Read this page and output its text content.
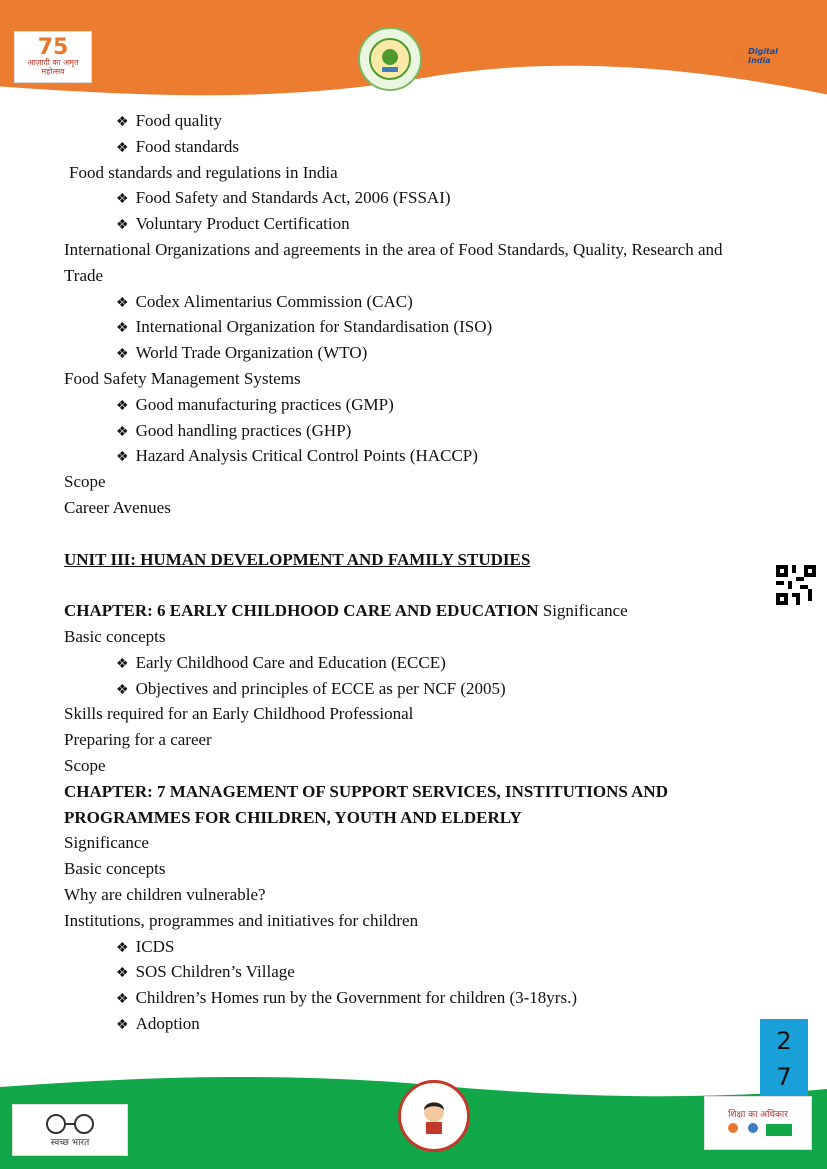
75
आज़ादी का अमृत महोत्सव
⊙ Digital India
❖ Food quality
❖ Food standards
Food standards and regulations in India
❖ Food Safety and Standards Act, 2006 (FSSAI)
❖ Voluntary Product Certification
International Organizations and agreements in the area of Food Standards, Quality, Research and Trade
❖ Codex Alimentarius Commission (CAC)
❖ International Organization for Standardisation (ISO)
❖ World Trade Organization (WTO)
Food Safety Management Systems
❖ Good manufacturing practices (GMP)
❖ Good handling practices (GHP)
❖ Hazard Analysis Critical Control Points (HACCP)
Scope
Career Avenues
UNIT III: HUMAN DEVELOPMENT AND FAMILY STUDIES
CHAPTER: 6 EARLY CHILDHOOD CARE AND EDUCATION Significance
Basic concepts
❖ Early Childhood Care and Education (ECCE)
❖ Objectives and principles of ECCE as per NCF (2005)
Skills required for an Early Childhood Professional
Preparing for a career
Scope
CHAPTER: 7 MANAGEMENT OF SUPPORT SERVICES, INSTITUTIONS AND PROGRAMMES FOR CHILDREN, YOUTH AND ELDERLY
Significance
Basic concepts
Why are children vulnerable?
Institutions, programmes and initiatives for children
❖ ICDS
❖ SOS Children’s Village
❖ Children’s Homes run by the Government for children (3-18yrs.)
❖ Adoption
2
7
स्वच्छ भारत
शिक्षा का अधिकार
